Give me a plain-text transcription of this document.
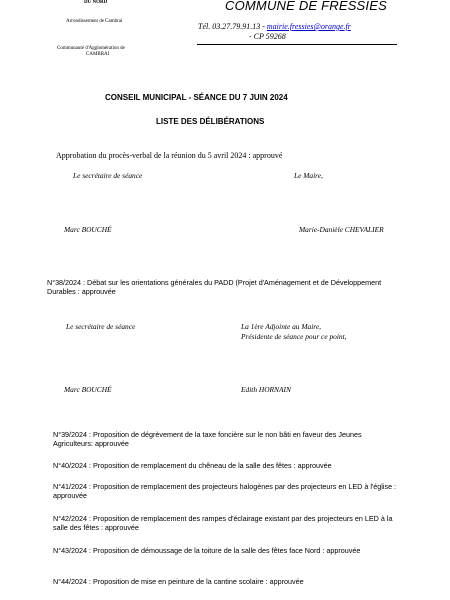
DU NORD
Arrondissement de Cambrai
Communauté d'Agglomération de
CAMBRAI
COMMUNE DE FRESSIES
Tél. 03.27.79.91.13 - mairie.fressies@orange.fr
- CP 59268
CONSEIL MUNICIPAL - SÉANCE DU 7 JUIN 2024
LISTE DES DÉLIBÉRATIONS
Approbation du procès-verbal de la réunion du 5 avril 2024 : approuvé
Le secrétaire de séance	Le Maire,
Marc BOUCHÉ	Marie-Danièle CHEVALIER
N°38/2024 : Débat sur les orientations générales du PADD (Projet d'Aménagement et de Développement Durables : approuvée
Le secrétaire de séance	La 1ère Adjointe au Maire,
Présidente de séance pour ce point,
Marc BOUCHÉ	Edith HORNAIN
N°39/2024 : Proposition de dégrèvement de la taxe foncière sur le non bâti en faveur des Jeunes Agriculteurs: approuvée
N°40/2024 : Proposition de remplacement du chêneau de la salle des fêtes : approuvée
N°41/2024 : Proposition de remplacement des projecteurs halogènes par des projecteurs en LED à l'église : approuvée
N°42/2024 : Proposition de remplacement des rampes d'éclairage existant par des projecteurs en LED à la salle des fêtes : approuvée
N°43/2024 : Proposition de démoussage de la toiture de la salle des fêtes face Nord : approuvée
N°44/2024 : Proposition de mise en peinture de la cantine scolaire : approuvée
